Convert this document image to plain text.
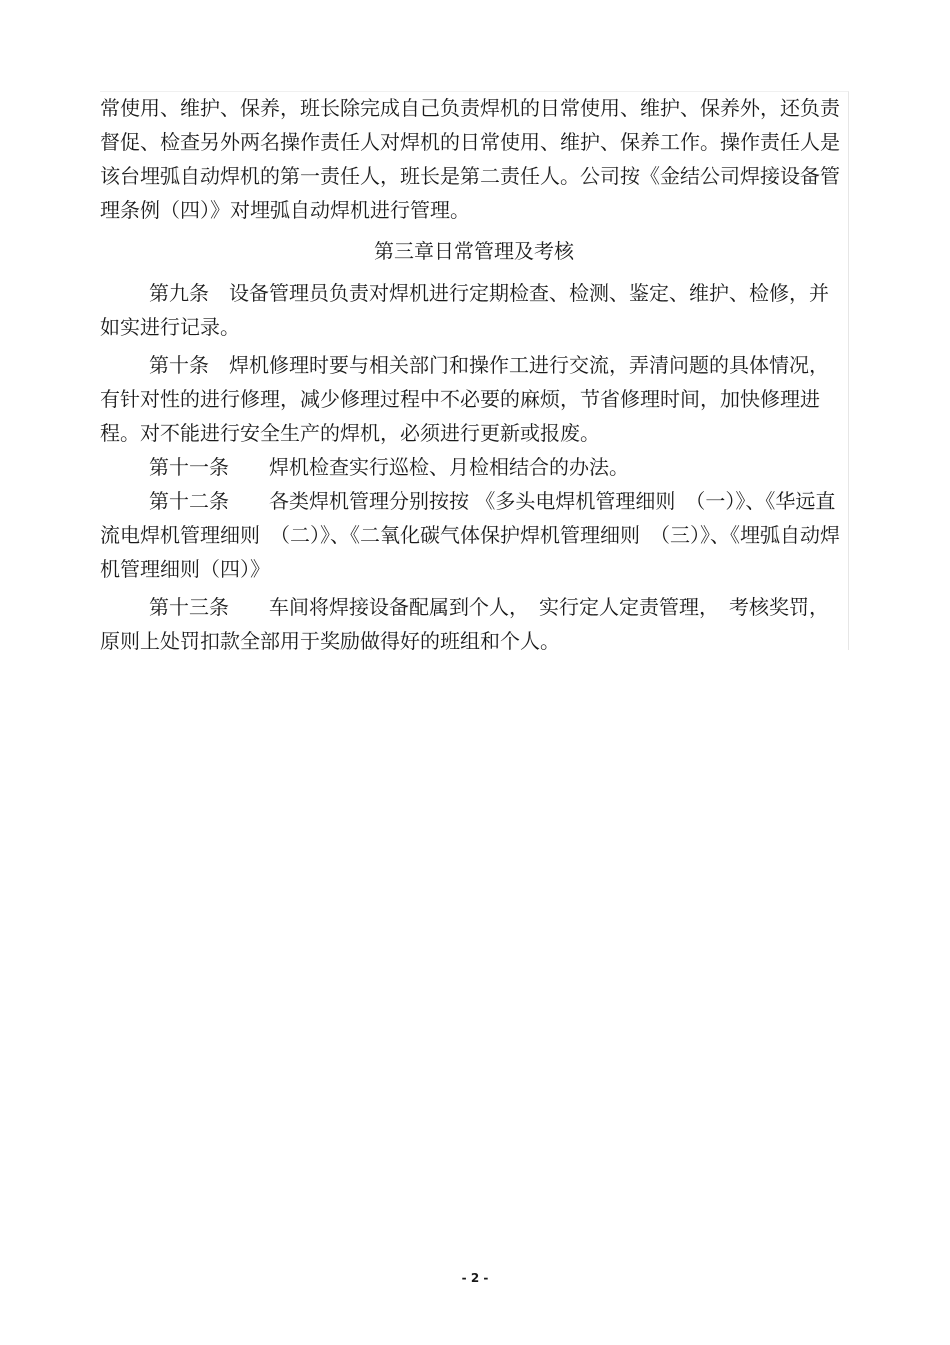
常使用、维护、保养，班长除完成自己负责焊机的日常使用、维护、保养外，还负责督促、检查另外两名操作责任人对焊机的日常使用、维护、保养工作。操作责任人是该台埋弧自动焊机的第一责任人，班长是第二责任人。公司按《金结公司焊接设备管理条例（四）》对埋弧自动焊机进行管理。

第三章日常管理及考核

第九条　设备管理员负责对焊机进行定期检查、检测、鉴定、维护、检修，并如实进行记录。

第十条　焊机修理时要与相关部门和操作工进行交流，弄清问题的具体情况，有针对性的进行修理，减少修理过程中不必要的麻烦，节省修理时间，加快修理进程。对不能进行安全生产的焊机，必须进行更新或报废。

第十一条　　焊机检查实行巡检、月检相结合的办法。

第十二条　　各类焊机管理分别按按 《多头电焊机管理细则　（一）》、《华远直流电焊机管理细则　（二）》、《二氧化碳气体保护焊机管理细则　（三）》、《埋弧自动焊机管理细则（四）》

第十三条　　车间将焊接设备配属到个人，　实行定人定责管理，　考核奖罚，原则上处罚扣款全部用于奖励做得好的班组和个人。

- 2 -
